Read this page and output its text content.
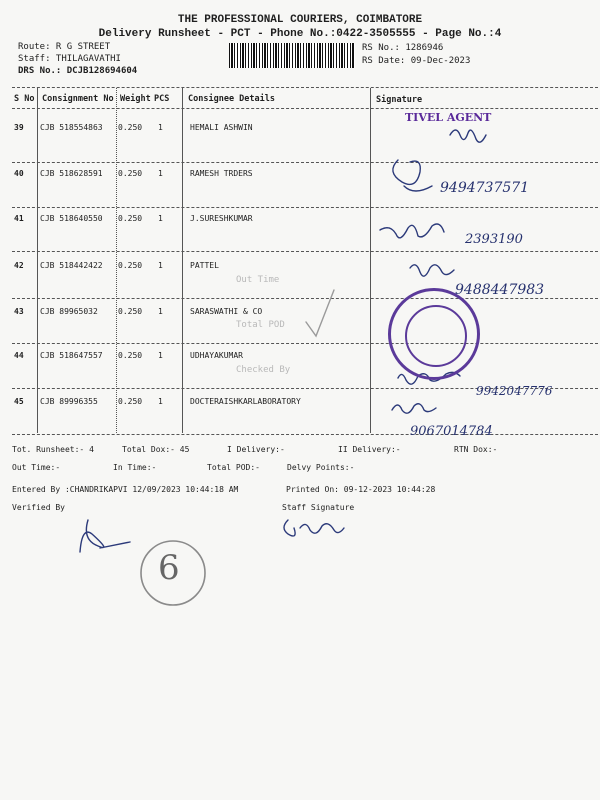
THE PROFESSIONAL COURIERS, COIMBATORE
Delivery Runsheet - PCT - Phone No.:0422-3505555 - Page No.:4
Route: R G STREET
Staff: THILAGAVATHI
DRS No.: DCJB128694604
RS No.: 1286946
RS Date: 09-Dec-2023
S No Consignment No Weight PCS Consignee Details	Signature
39 CJB 518554863 0.250 1	HEMALI ASHWIN
40 CJB 518628591 0.250 1	RAMESH TRDERS
41 CJB 518640550 0.250 1	J.SURESHKUMAR
42 CJB 518442422 0.250 1	PATTEL
43 CJB 89965032	0.250 1	SARASWATHI & CO
44 CJB 518647557 0.250 1	UDHAYAKUMAR
45 CJB 89996355	0.250 1	DOCTERAISHKARLABORATORY
Out Time
Total POD
Checked By
TIVEL AGENT
9494737571
2393190
9488447983
9942047776
9067014784
6
Tot. Runsheet:- 4	Total Dox:- 45	I Delivery:-	II Delivery:-	RTN Dox:-
Out Time:-	In Time:-	Total POD:-	Delvy Points:-
Entered By :CHANDRIKAPVI 12/09/2023 10:44:18 AM	Printed On: 09-12-2023 10:44:28
Verified By	Staff Signature
